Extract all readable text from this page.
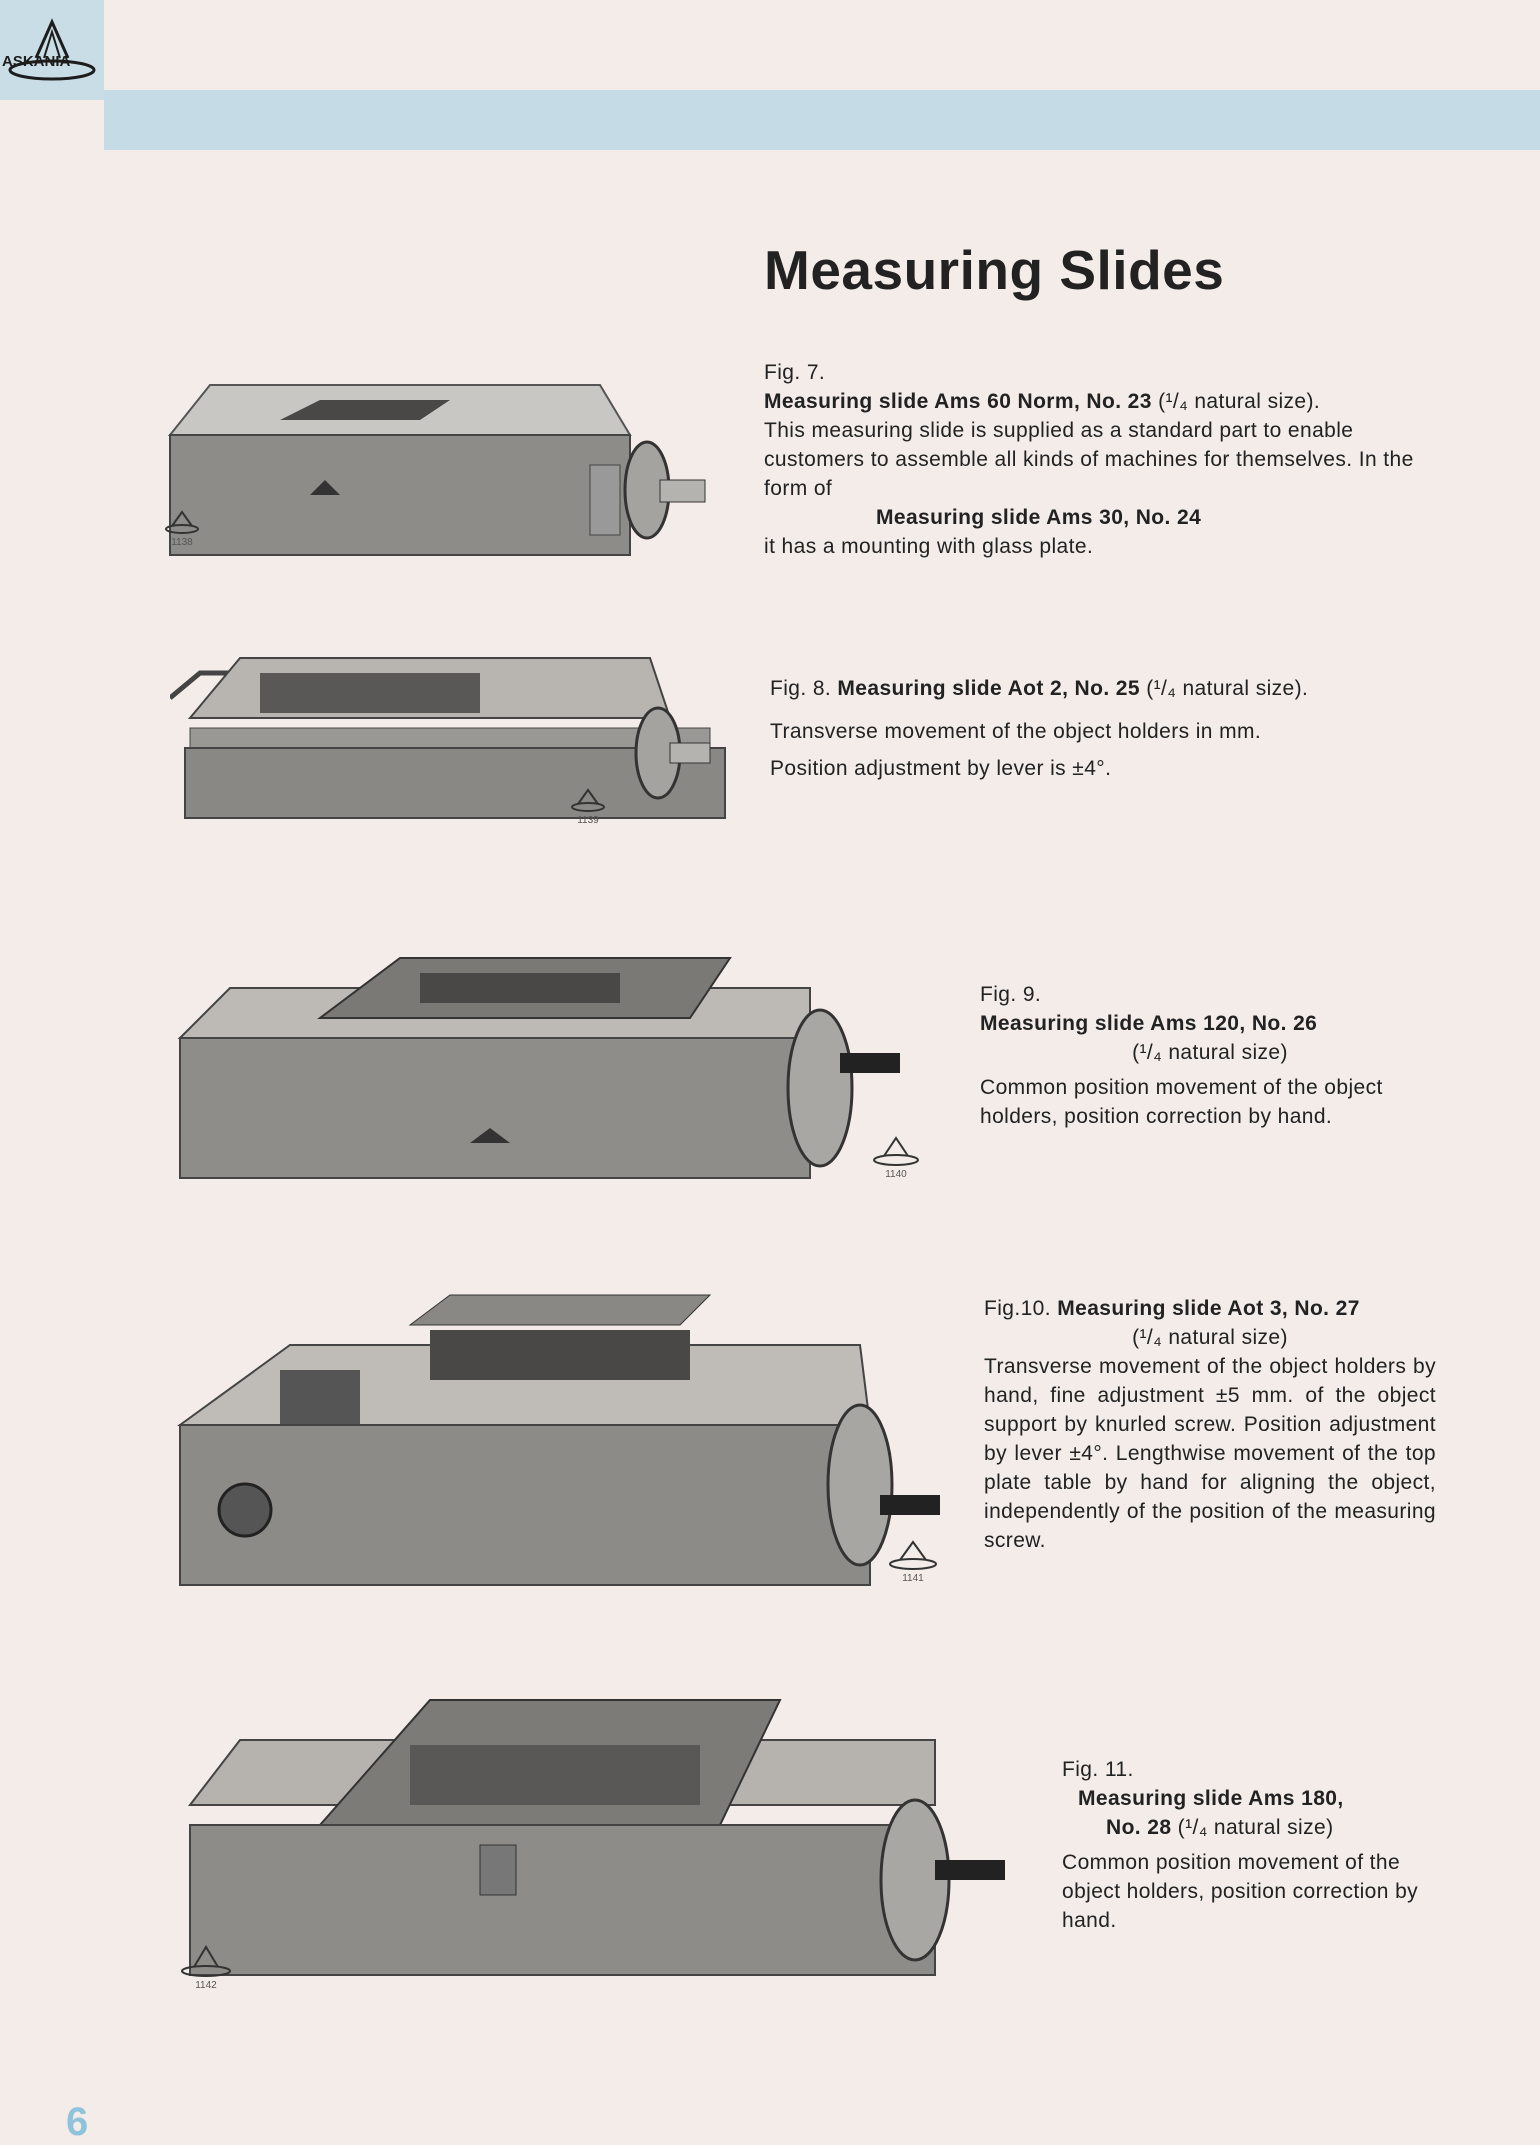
ASKANIA
Measuring Slides
1138
Fig. 7.
Measuring slide Ams 60 Norm, No. 23 (¹/₄ natural size).
This measuring slide is supplied as a standard part to enable customers to assemble all kinds of machines for themselves. In the form of
Measuring slide Ams 30, No. 24
it has a mounting with glass plate.
1139
Fig. 8. Measuring slide Aot 2, No. 25 (¹/₄ natural size).
Transverse movement of the object holders in mm.
Position adjustment by lever is ±4°.
1140
Fig. 9.
Measuring slide Ams 120, No. 26
(¹/₄ natural size)
Common position movement of the object holders, position correction by hand.
1141
Fig.10. Measuring slide Aot 3, No. 27
(¹/₄ natural size)
Transverse movement of the object holders by hand, fine adjustment ±5 mm. of the object support by knurled screw. Position adjustment by lever ±4°. Lengthwise movement of the top plate table by hand for aligning the object, independently of the position of the measuring screw.
1142
Fig. 11.
Measuring slide Ams 180,
No. 28 (¹/₄ natural size)
Common position movement of the object holders, position correction by hand.
6
